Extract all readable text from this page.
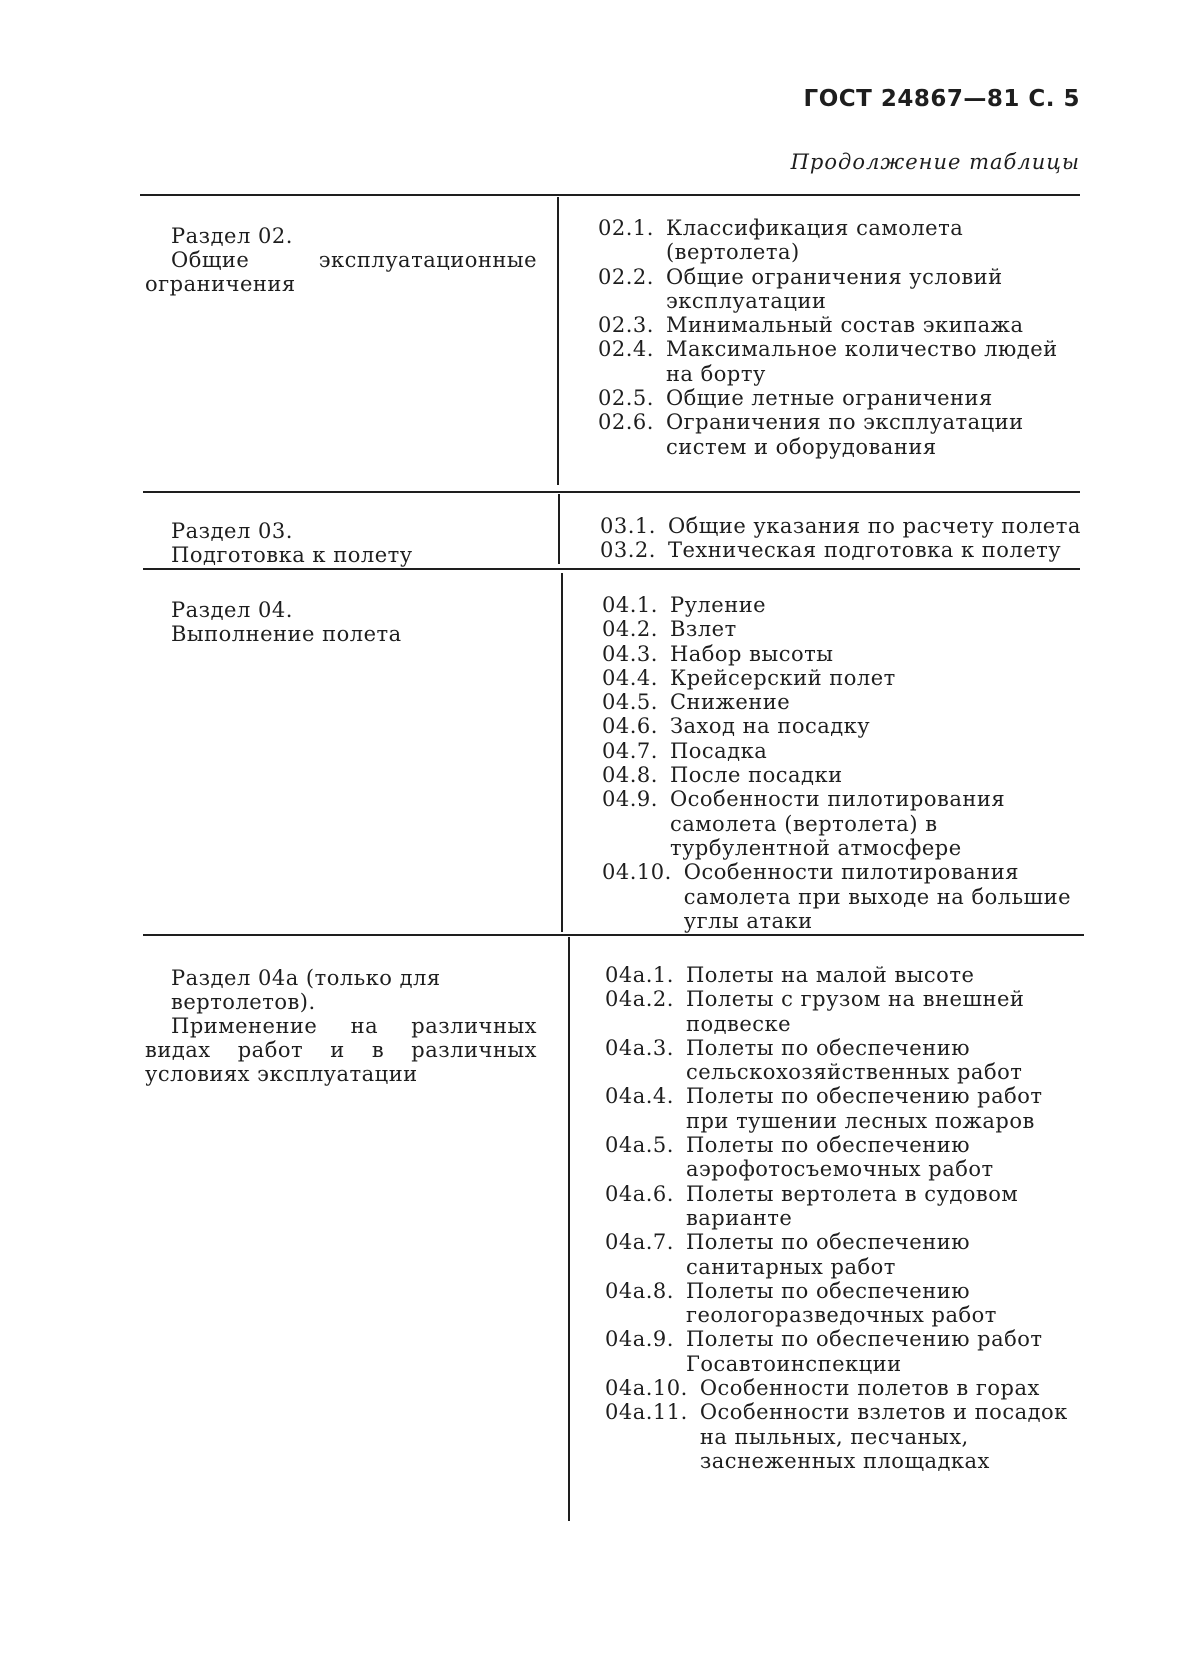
ГОСТ 24867—81 С. 5
Продолжение таблицы
Раздел 02.
Общие эксплуатационные ограничения
02.1. Классификация самолета (вертолета)
02.2. Общие ограничения условий эксплуатации
02.3. Минимальный состав экипажа
02.4. Максимальное количество людей на борту
02.5. Общие летные ограничения
02.6. Ограничения по эксплуатации систем и оборудования
Раздел 03.
Подготовка к полету
03.1. Общие указания по расчету полета
03.2. Техническая подготовка к полету
Раздел 04.
Выполнение полета
04.1. Руление
04.2. Взлет
04.3. Набор высоты
04.4. Крейсерский полет
04.5. Снижение
04.6. Заход на посадку
04.7. Посадка
04.8. После посадки
04.9. Особенности пилотирования самолета (вертолета) в турбулентной атмосфере
04.10. Особенности пилотирования самолета при выходе на большие углы атаки
Раздел 04а (только для вертолетов).
Применение на различных видах работ и в различных условиях эксплуатации
04а.1. Полеты на малой высоте
04а.2. Полеты с грузом на внешней подвеске
04а.3. Полеты по обеспечению сельскохозяйственных работ
04а.4. Полеты по обеспечению работ при тушении лесных пожаров
04а.5. Полеты по обеспечению аэрофотосъемочных работ
04а.6. Полеты вертолета в судовом варианте
04а.7. Полеты по обеспечению санитарных работ
04а.8. Полеты по обеспечению геологоразведочных работ
04а.9. Полеты по обеспечению работ Госавтоинспекции
04а.10. Особенности полетов в горах
04а.11. Особенности взлетов и посадок на пыльных, песчаных, заснеженных площадках
